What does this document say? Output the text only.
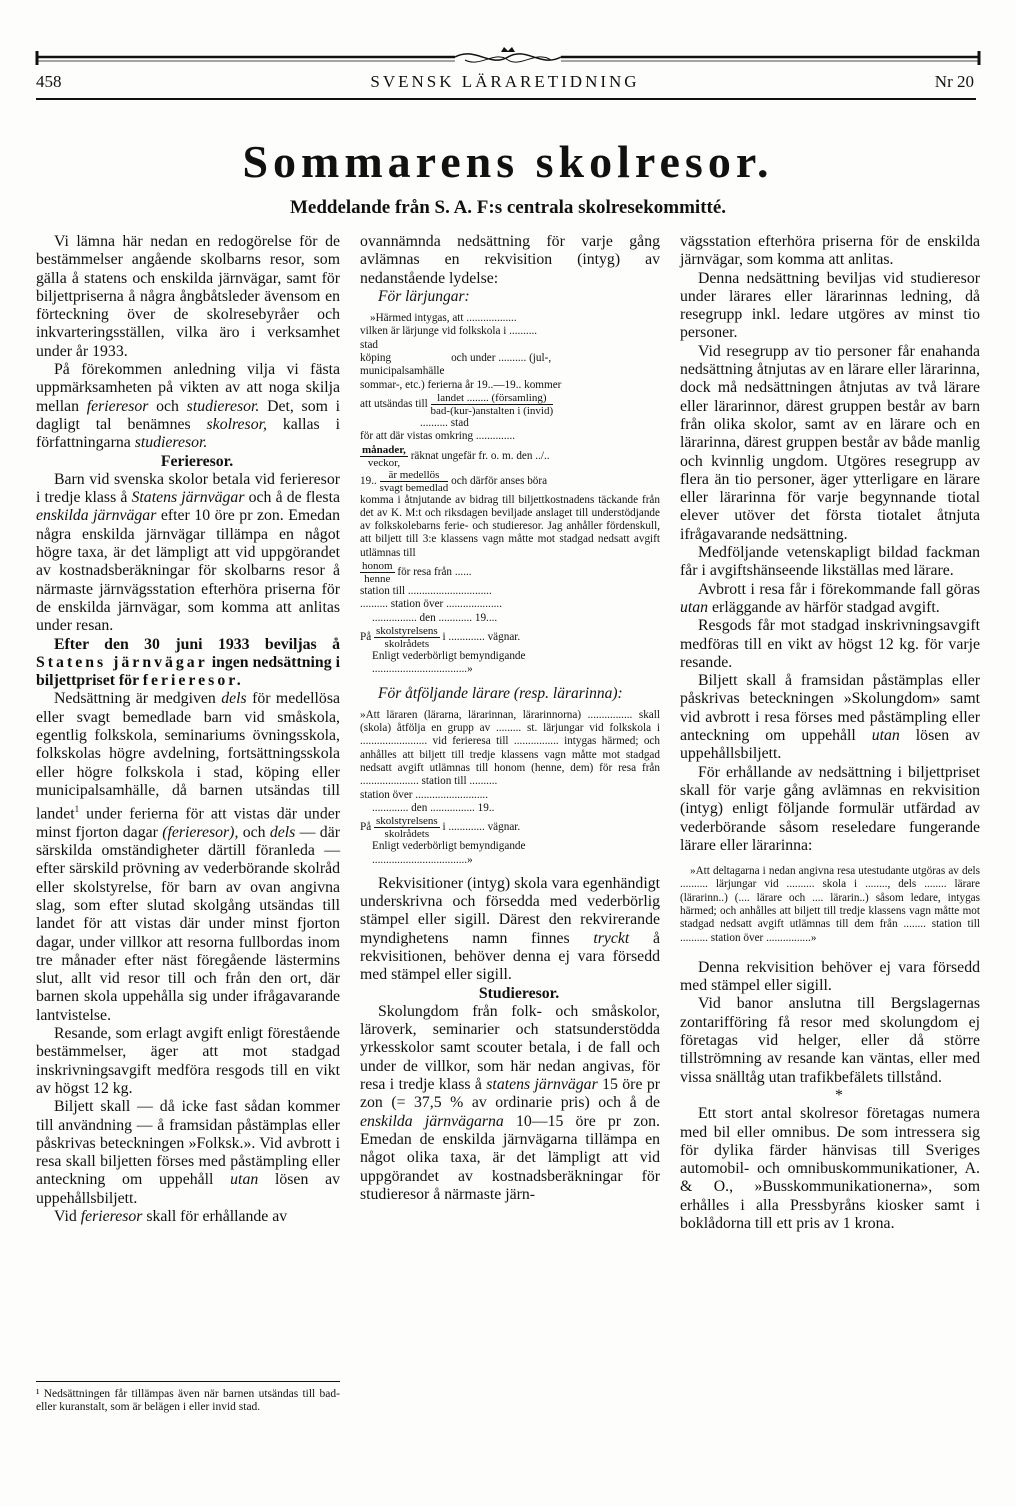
458	SVENSK LÄRARETIDNING	Nr 20
Sommarens skolresor.
Meddelande från S. A. F:s centrala skolresekommitté.

Vi lämna här nedan en redogörelse för de bestämmelser angående skolbarns resor, som gälla å statens och enskilda järnvägar, samt för biljettpriserna å några ångbåtsleder ävensom en förteckning över de skolresebyråer och inkvarteringsställen, vilka äro i verksamhet under år 1933.

På förekommen anledning vilja vi fästa uppmärksamheten på vikten av att noga skilja mellan ferieresor och studieresor. Det, som i dagligt tal benämnes skolresor, kallas i författningarna studieresor.

Ferieresor.

Barn vid svenska skolor betala vid ferieresor i tredje klass å Statens järnvägar och å de flesta enskilda järnvägar efter 10 öre pr zon. Emedan några enskilda järnvägar tillämpa en något högre taxa, är det lämpligt att vid uppgörandet av kostnadsberäkningar för skolbarns resor å närmaste järnvägsstation efterhöra priserna för de enskilda järnvägar, som komma att anlitas under resan.

Efter den 30 juni 1933 beviljas å Statens järnvägar ingen nedsättning i biljettpriset för ferieresor.

Nedsättning är medgiven dels för medellösa eller svagt bemedlade barn vid småskola, egentlig folkskola, seminariums övningsskola, folkskolas högre avdelning, fortsättningsskola eller högre folkskola i stad, köping eller municipalsamhälle, då barnen utsändas till landet$^1$ under ferierna för att vistas där under minst fjorton dagar (ferieresor), och dels — där särskilda omständigheter därtill föranleda — efter särskild prövning av vederbörande skolråd eller skolstyrelse, för barn av ovan angivna slag, som efter slutad skolgång utsändas till landet för att vistas där under minst fjorton dagar, under villkor att resorna fullbordas inom tre månader efter näst föregående lästermins slut, allt vid resor till och från den ort, där barnen skola uppehålla sig under ifrågavarande lantvistelse.

Resande, som erlagt avgift enligt förestående bestämmelser, äger att mot stadgad inskrivningsavgift medföra resgods till en vikt av högst 12 kg.

Biljett skall — då icke fast sådan kommer till användning — å framsidan påstämplas eller påskrivas beteckningen »Folksk.». Vid avbrott i resa skall biljetten förses med påstämpling eller anteckning om uppehåll utan lösen av uppehållsbiljett.

Vid ferieresor skall för erhållande av

¹ Nedsättningen får tillämpas även när barnen utsändas till bad- eller kuranstalt, som är belägen i eller invid stad.

ovannämnda nedsättning för varje gång avlämnas en rekvisition (intyg) av nedanstående lydelse:

För lärjungar:

»Härmed intygas, att ..................

vilken är lärjunge vid folkskola i ..........

stad

köping	och under .......... (jul-,

municipalsamhälle

sommar-, etc.) ferierna år 19..—19.. kommer

att utsändas till
landet ........ (församling)
bad-(kur-)anstalten i (invid)

.......... stad

för att där vistas omkring ..............

månader,
veckor, räknat ungefär fr. o. m. den ../..

19..
är medellös
svagt bemedlad och därför anses böra

komma i åtnjutande av bidrag till biljettkostnadens täckande från det av K. M:t och riksdagen beviljade anslaget till understödjande av folkskolebarns ferie- och studieresor. Jag anhåller fördenskull, att biljett till 3:e klassens vagn måtte mot stadgad nedsatt avgift utlämnas till

honom
henne för resa från ......

station till ..............................

.......... station över ....................

................ den ............ 19....

På
skolstyrelsens
skolrådets i ............. vägnar.

Enligt vederbörligt bemyndigande

..................................»

För åtföljande lärare (resp. lärarinna):

»Att läraren (lärarna, lärarinnan, lärarinnorna) ................ skall (skola) åtfölja en grupp av ......... st. lärjungar vid folkskola i ........................ vid ferieresa till ................ intygas härmed; och anhålles att biljett till tredje klassens vagn måtte mot stadgad nedsatt avgift utlämnas till honom (henne, dem) för resa från ..................... station till ..........

station över ..........................

............. den ................ 19..

På
skolstyrelsens
skolrådets i ............. vägnar.

Enligt vederbörligt bemyndigande

..................................»

Rekvisitioner (intyg) skola vara egenhändigt underskrivna och försedda med vederbörlig stämpel eller sigill. Därest den rekvirerande myndighetens namn finnes tryckt å rekvisitionen, behöver denna ej vara försedd med stämpel eller sigill.

Studieresor.

Skolungdom från folk- och småskolor, läroverk, seminarier och statsunderstödda yrkesskolor samt scouter betala, i de fall och under de villkor, som här nedan angivas, för resa i tredje klass å statens järnvägar 15 öre pr zon (= 37,5 % av ordinarie pris) och å de enskilda järnvägarna 10—15 öre pr zon. Emedan de enskilda järnvägarna tillämpa en något olika taxa, är det lämpligt att vid uppgörandet av kostnadsberäkningar för studieresor å närmaste järn-

vägsstation efterhöra priserna för de enskilda järnvägar, som komma att anlitas.

Denna nedsättning beviljas vid studieresor under lärares eller lärarinnas ledning, då resegrupp inkl. ledare utgöres av minst tio personer.

Vid resegrupp av tio personer får enahanda nedsättning åtnjutas av en lärare eller lärarinna, dock må nedsättningen åtnjutas av två lärare eller lärarinnor, därest gruppen består av barn från olika skolor, samt av en lärare och en lärarinna, därest gruppen består av både manlig och kvinnlig ungdom. Utgöres resegrupp av flera än tio personer, äger ytterligare en lärare eller lärarinna för varje begynnande tiotal elever utöver det första tiotalet åtnjuta ifrågavarande nedsättning.

Medföljande vetenskapligt bildad fackman får i avgiftshänseende likställas med lärare.

Avbrott i resa får i förekommande fall göras utan erläggande av härför stadgad avgift.

Resgods får mot stadgad inskrivningsavgift medföras till en vikt av högst 12 kg. för varje resande.

Biljett skall å framsidan påstämplas eller påskrivas beteckningen »Skolungdom» samt vid avbrott i resa förses med påstämpling eller anteckning om uppehåll utan lösen av uppehållsbiljett.

För erhållande av nedsättning i biljettpriset skall för varje gång avlämnas en rekvisition (intyg) enligt följande formulär utfärdad av vederbörande såsom reseledare fungerande lärare eller lärarinna:

»Att deltagarna i nedan angivna resa utestudante utgöras av dels .......... lärjungar vid .......... skola i ........, dels ........ lärare (lärarinn..) (.... lärare och .... lärarin..) såsom ledare, intygas härmed; och anhålles att biljett till tredje klassens vagn måtte mot stadgad nedsatt avgift utlämnas till dem från ........ station till .......... station över ................»

Denna rekvisition behöver ej vara försedd med stämpel eller sigill.

Vid banor anslutna till Bergslagernas zontarifföring få resor med skolungdom ej företagas vid helger, eller då större tillströmning av resande kan väntas, eller med vissa snälltåg utan trafikbefälets tillstånd.

*

Ett stort antal skolresor företagas numera med bil eller omnibus. De som intressera sig för dylika färder hänvisas till Sveriges automobil- och omnibuskommunikationer, A. & O., »Busskommunikationerna», som erhålles i alla Pressbyråns kiosker samt i boklådorna till ett pris av 1 krona.
